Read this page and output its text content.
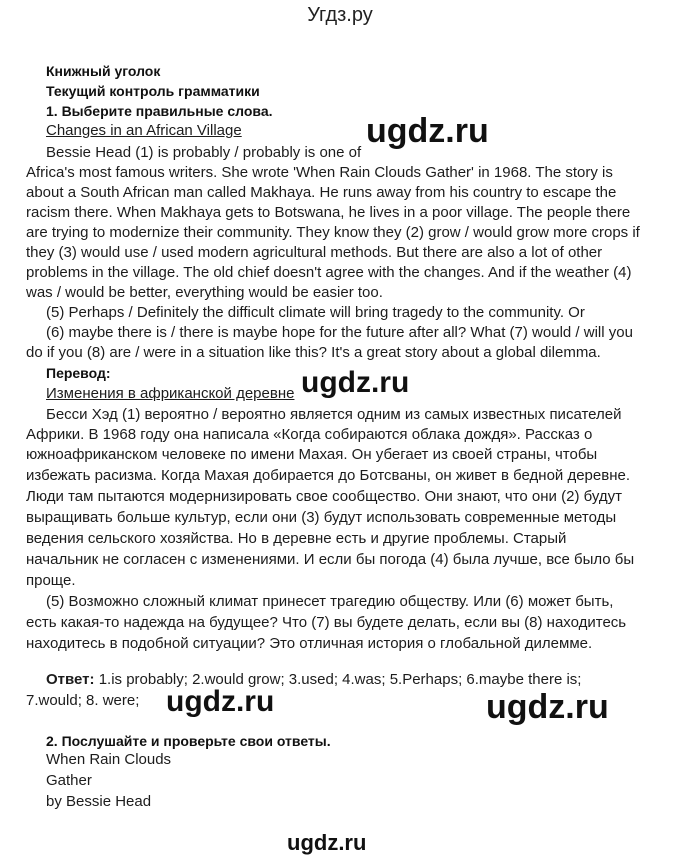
Угдз.ру
Книжный уголок
Текущий контроль грамматики
1. Выберите правильные слова.
Changes in an African Village
Bessie Head (1) is probably / probably is one of
Africa's most famous writers. She wrote 'When Rain Clouds Gather' in 1968. The story is
about a South African man called Makhaya. He runs away from his country to escape the
racism there. When Makhaya gets to Botswana, he lives in a poor village. The people there
are trying to modernize their community. They know they (2) grow / would grow more crops if
they (3) would use / used modern agricultural methods. But there are also a lot of other
problems in the village. The old chief doesn't agree with the changes. And if the weather (4)
was / would be better, everything would be easier too.
(5) Perhaps / Definitely the difficult climate will bring tragedy to the community. Or
(6) maybe there is / there is maybe hope for the future after all? What (7) would / will you
do if you (8) are / were in a situation like this? It's a great story about a global dilemma.
Перевод:
Изменения в африканской деревне
Бесси Хэд (1) вероятно / вероятно является одним из самых известных писателей
Африки. В 1968 году она написала «Когда собираются облака дождя». Рассказ о
южноафриканском человеке по имени Махая. Он убегает из своей страны, чтобы
избежать расизма. Когда Махая добирается до Ботсваны, он живет в бедной деревне.
Люди там пытаются модернизировать свое сообщество. Они знают, что они (2) будут
выращивать больше культур, если они (3) будут использовать современные методы
ведения сельского хозяйства. Но в деревне есть и другие проблемы. Старый
начальник не согласен с изменениями. И если бы погода (4) была лучше, все было бы
проще.
(5) Возможно сложный климат принесет трагедию обществу. Или (6) может быть,
есть какая-то надежда на будущее? Что (7) вы будете делать, если вы (8) находитесь
находитесь в подобной ситуации? Это отличная история о глобальной дилемме.
Ответ: 1.is probably; 2.would grow; 3.used; 4.was; 5.Perhaps; 6.maybe there is;
7.would; 8. were;
2. Послушайте и проверьте свои ответы.
When Rain Clouds
Gather
by Bessie Head
ugdz.ru
ugdz.ru
ugdz.ru	ugdz.ru
ugdz.ru
